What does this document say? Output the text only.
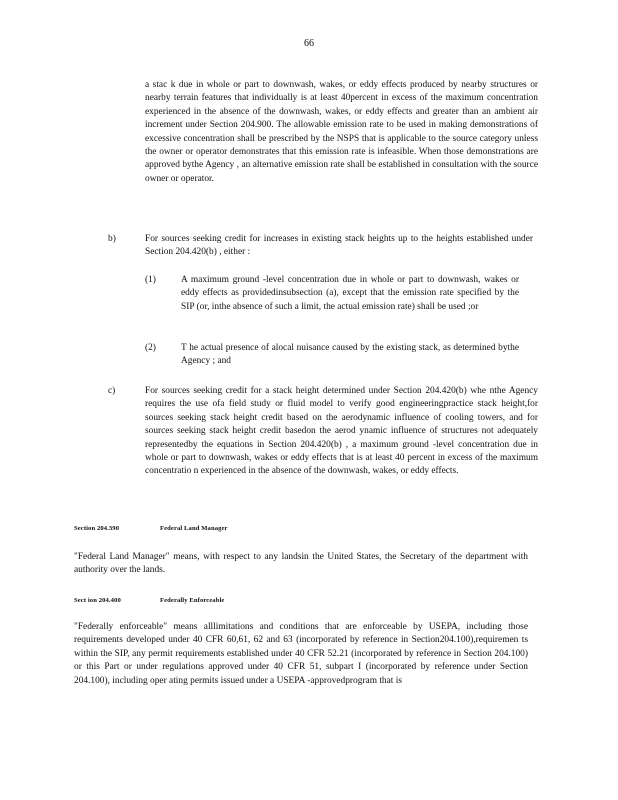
66

a stac k due in whole or part to downwash, wakes, or eddy effects produced by nearby structures or nearby terrain features that individually is at least 40percent in excess of the maximum concentration experienced in the absence of the downwash, wakes, or eddy effects and greater than an ambient air increment under Section 204.900. The allowable emission rate to be used in making demonstrations of excessive concentration shall be prescribed by the NSPS that is applicable to the source category unless the owner or operator demonstrates that this emission rate is infeasible. When those demonstrations are approved bythe Agency , an alternative emission rate shall be established in consultation with the source owner or operator.

b)	For sources seeking credit for increases in existing stack heights up to the heights established under Section 204.420(b) , either :

(1)	A maximum ground -level concentration due in whole or part to downwash, wakes or eddy effects as providedinsubsection (a), except that the emission rate specified by the SIP (or, inthe absence of such a limit, the actual emission rate) shall be used ;or

(2)	T he actual presence of alocal nuisance caused by the existing stack, as determined bythe Agency ; and

c)	For sources seeking credit for a stack height determined under Section 204.420(b) whe nthe Agency requires the use ofa field study or fluid model to verify good engineeringpractice stack height,for sources seeking stack height credit based on the aerodynamic influence of cooling towers, and for sources seeking stack height credit basedon the aerod ynamic influence of structures not adequately representedby the equations in Section 204.420(b) , a maximum ground -level concentration due in whole or part to downwash, wakes or eddy effects that is at least 40 percent in excess of the maximum concentratio n experienced in the absence of the downwash, wakes, or eddy effects.

Section 204.390	Federal Land Manager

"Federal Land Manager" means, with respect to any landsin the United States, the Secretary of the department with authority over the lands.

Sect ion 204.400	Federally Enforceable

"Federally enforceable" means alllimitations and conditions that are enforceable by USEPA, including those requirements developed under 40 CFR 60,61, 62 and 63 (incorporated by reference in Section204.100),requiremen ts within the SIP, any permit requirements established under 40 CFR 52.21 (incorporated by reference in Section 204.100) or this Part or under regulations approved under 40 CFR 51, subpart I (incorporated by reference under Section 204.100), including oper ating permits issued under a USEPA -approvedprogram that is
